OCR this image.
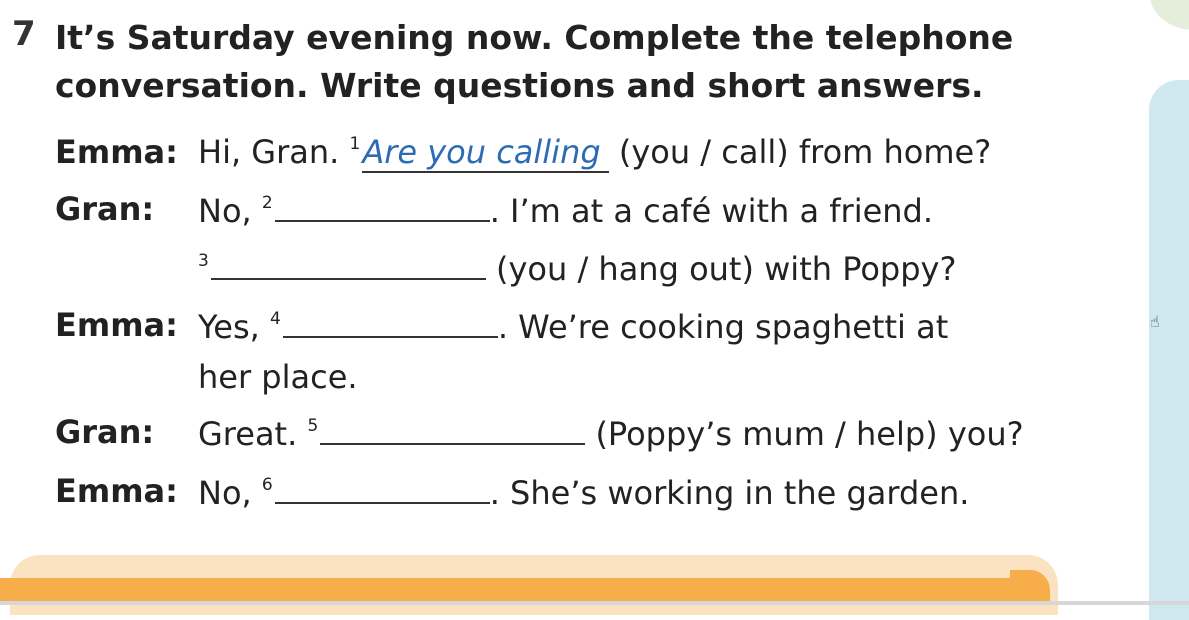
7 It’s Saturday evening now. Complete the telephone conversation. Write questions and short answers.
Emma: Hi, Gran. $^1$Are you calling (you / call) from home?
Gran: No, $^2$	. I’m at a café with a friend.
$^3$	(you / hang out) with Poppy?
Emma: Yes, $^4$	. We’re cooking spaghetti at
her place.
Gran: Great. $^5$	(Poppy’s mum / help) you?
Emma: No, $^6$	. She’s working in the garden.
☝
